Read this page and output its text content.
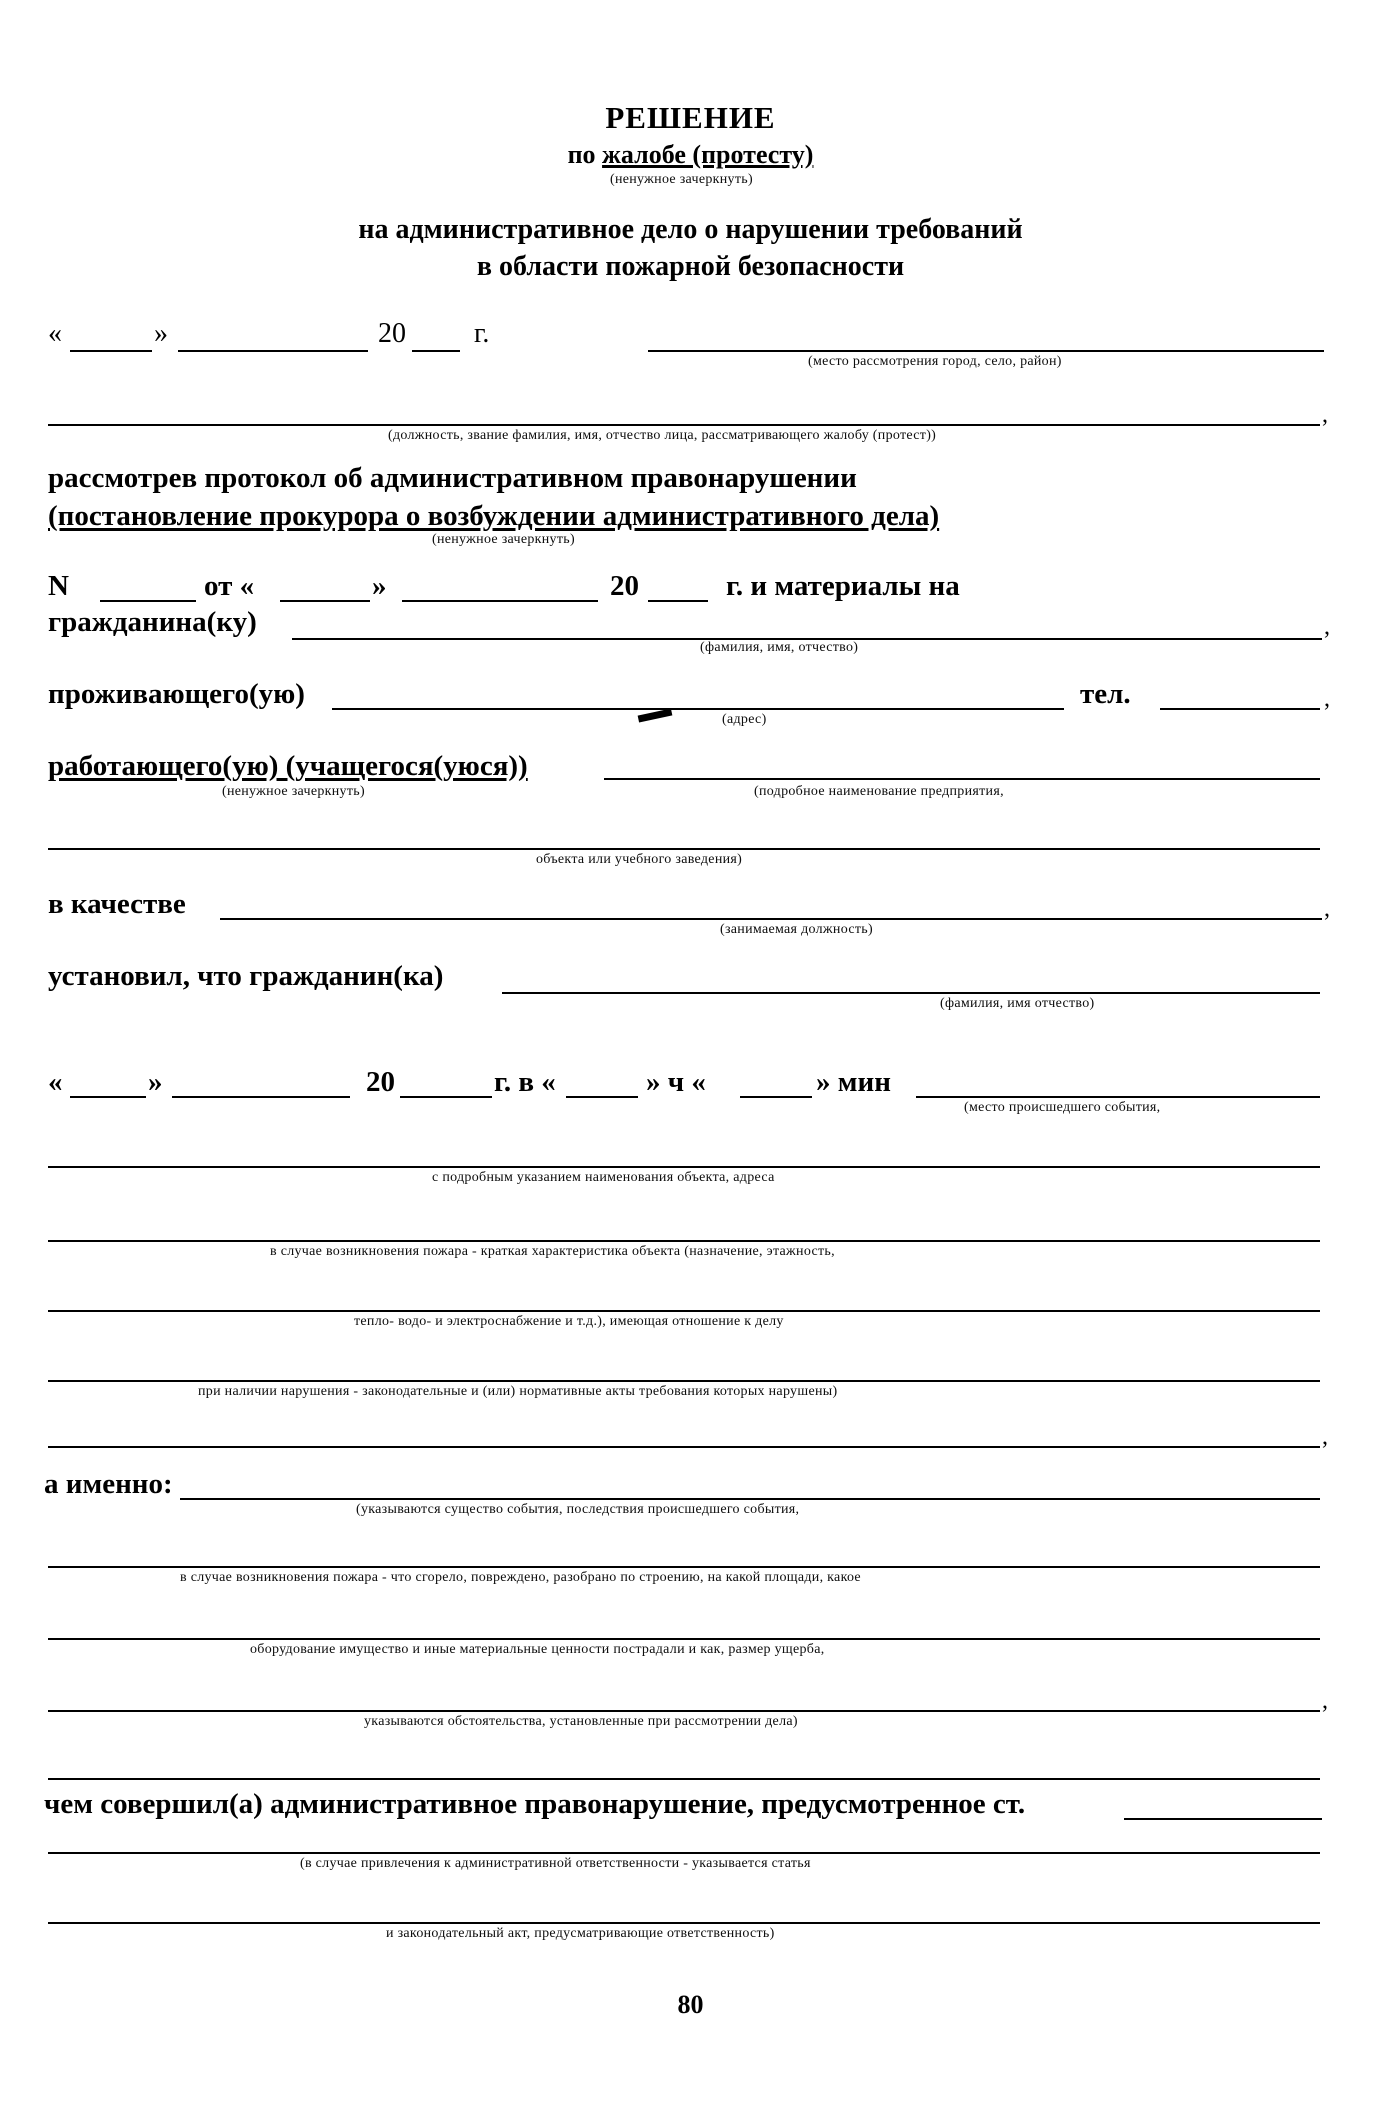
РЕШЕНИЕ
по жалобе (протесту)
(ненужное зачеркнуть)
на административное дело о нарушении требований
в области пожарной безопасности
«	»	20 г.
(место рассмотрения город, село, район)
,
(должность, звание фамилия, имя, отчество лица, рассматривающего жалобу (протест))
рассмотрев протокол об административном правонарушении
(постановление прокурора о возбуждении административного дела)
(ненужное зачеркнуть)
N	от «	»	20	г. и материалы на
гражданина(ку)	,
(фамилия, имя, отчество)
проживающего(ую)
(адрес)
тел.	,
работающего(ую) (учащегося(уюся))
(ненужное зачеркнуть)	(подробное наименование предприятия,
объекта или учебного заведения)
в качестве	,
(занимаемая должность)
установил, что гражданин(ка)
(фамилия, имя отчество)
«	»	20	г. в «	» ч «	» мин
(место происшедшего события,
с подробным указанием наименования объекта, адреса
в случае возникновения пожара - краткая характеристика объекта (назначение, этажность,
тепло- водо- и электроснабжение и т.д.), имеющая отношение к делу
при наличии нарушения - законодательные и (или) нормативные акты требования которых нарушены)
,
а именно:
(указываются существо события, последствия происшедшего события,
в случае возникновения пожара - что сгорело, повреждено, разобрано по строению, на какой площади, какое
оборудование имущество и иные материальные ценности пострадали и как, размер ущерба,
,
указываются обстоятельства, установленные при рассмотрении дела)
чем совершил(а) административное правонарушение, предусмотренное ст.
(в случае привлечения к административной ответственности - указывается статья
и законодательный акт, предусматривающие ответственность)
80
